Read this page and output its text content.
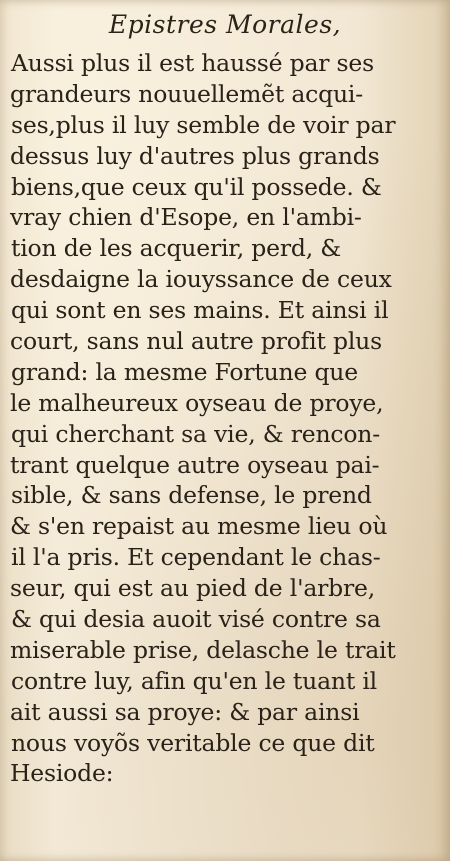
Epistres Morales,
Aussi plus il est haussé par ses
grandeurs nouuellemẽt acqui-
ses,plus il luy semble de voir par
dessus luy d'autres plus grands
biens,que ceux qu'il possede. &
vray chien d'Esope, en l'ambi-
tion de les acquerir, perd, &
desdaigne la iouyssance de ceux
qui sont en ses mains. Et ainsi il
court, sans nul autre profit plus
grand: la mesme Fortune que
le malheureux oyseau de proye,
qui cherchant sa vie, & rencon-
trant quelque autre oyseau pai-
sible, & sans defense, le prend
& s'en repaist au mesme lieu où
il l'a pris. Et cependant le chas-
seur, qui est au pied de l'arbre,
& qui desia auoit visé contre sa
miserable prise, delasche le trait
contre luy, afin qu'en le tuant il
ait aussi sa proye: & par ainsi
nous voyõs veritable ce que dit
Hesiode:
